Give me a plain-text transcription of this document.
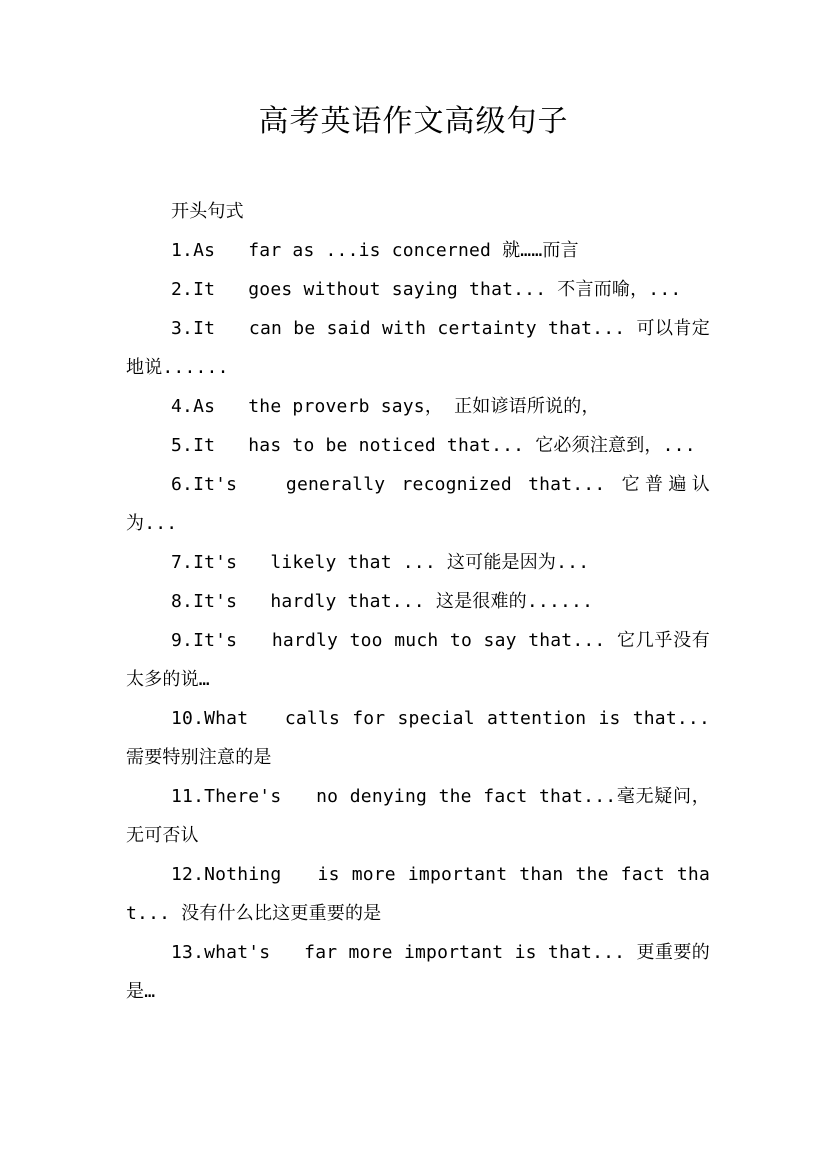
高考英语作文高级句子

开头句式

1.As   far as ...is concerned 就……而言

2.It   goes without saying that... 不言而喻，...

3.It   can be said with certainty that... 可以肯定地说......

4.As   the proverb says， 正如谚语所说的，

5.It   has to be noticed that... 它必须注意到，...

6.It's   generally recognized that... 它普遍认为...

7.It's   likely that ... 这可能是因为...

8.It's   hardly that... 这是很难的......

9.It's   hardly too much to say that... 它几乎没有太多的说…

10.What   calls for special attention is that... 需要特别注意的是

11.There's   no denying the fact that...毫无疑问，无可否认

12.Nothing   is more important than the fact that... 没有什么比这更重要的是

13.what's   far more important is that... 更重要的是…
